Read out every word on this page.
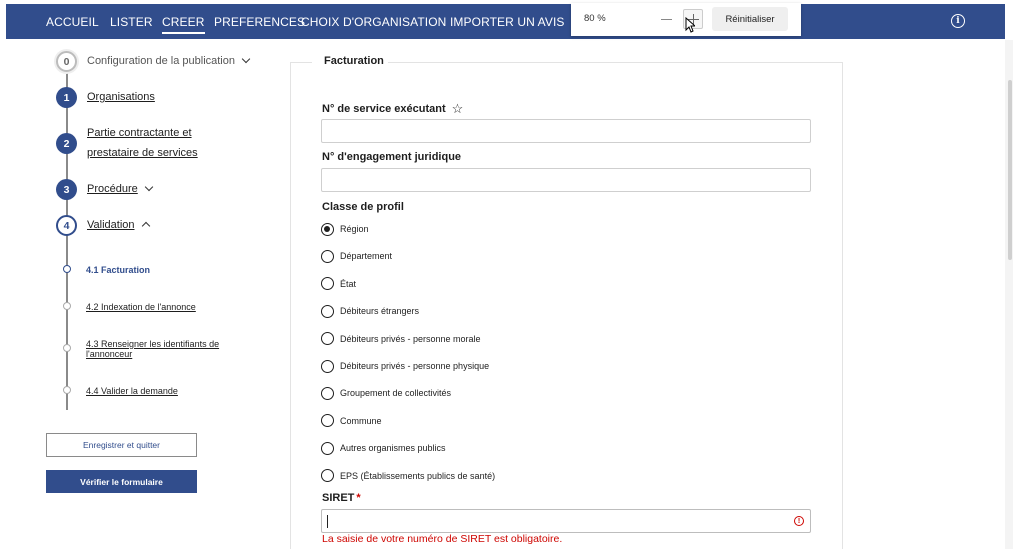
ACCUEIL LISTER CREER PREFERENCES
CHOIX D'ORGANISATION IMPORTER UN AVIS	i
80 %	Réinitialiser
0	Configuration de la publication
1	Organisations
2
Partie contractante et
prestataire de services
3	Procédure
4	Validation
4.1 Facturation
4.2 Indexation de l'annonce
4.3 Renseigner les identifiants de
l'annonceur
4.4 Valider la demande
Enregistrer et quitter
Vérifier le formulaire
Facturation
N° de service exécutant ☆
N° d'engagement juridique
Classe de profil
Région
Département
État
Débiteurs étrangers
Débiteurs privés - personne morale
Débiteurs privés - personne physique
Groupement de collectivités
Commune
Autres organismes publics
EPS (Établissements publics de santé)
SIRET *
!
La saisie de votre numéro de SIRET est obligatoire.
